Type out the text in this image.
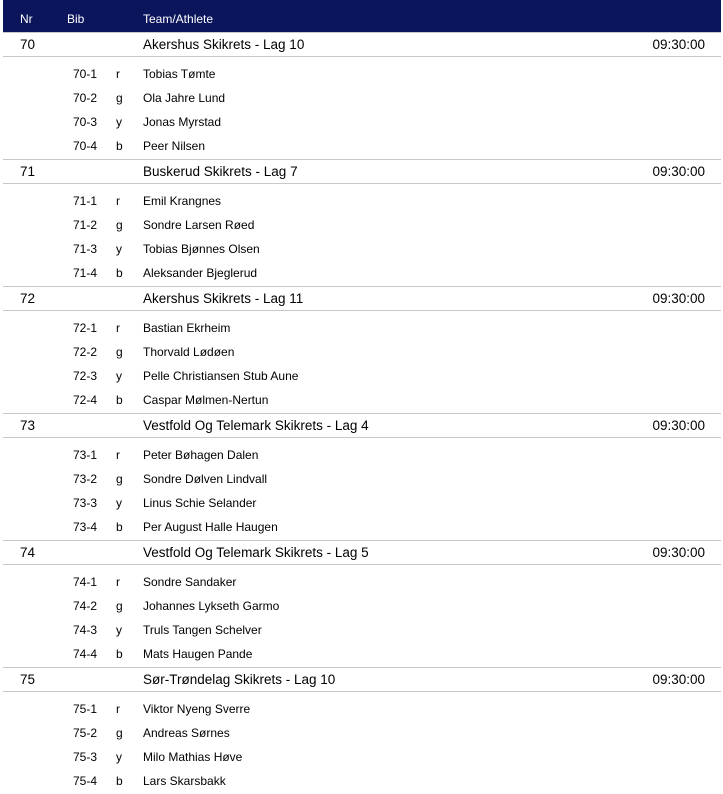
Nr	Bib	Team/Athlete
70	Akershus Skikrets - Lag 10	09:30:00
70-1 r Tobias Tømte
70-2 g Ola Jahre Lund
70-3 y Jonas Myrstad
70-4 b Peer Nilsen
71	Buskerud Skikrets - Lag 7	09:30:00
71-1 r Emil Krangnes
71-2 g Sondre Larsen Røed
71-3 y Tobias Bjønnes Olsen
71-4 b Aleksander Bjeglerud
72	Akershus Skikrets - Lag 11	09:30:00
72-1 r Bastian Ekrheim
72-2 g Thorvald Lødøen
72-3 y Pelle Christiansen Stub Aune
72-4 b Caspar Mølmen-Nertun
73	Vestfold Og Telemark Skikrets - Lag 4	09:30:00
73-1 r Peter Bøhagen Dalen
73-2 g Sondre Dølven Lindvall
73-3 y Linus Schie Selander
73-4 b Per August Halle Haugen
74	Vestfold Og Telemark Skikrets - Lag 5	09:30:00
74-1 r Sondre Sandaker
74-2 g Johannes Lykseth Garmo
74-3 y Truls Tangen Schelver
74-4 b Mats Haugen Pande
75	Sør-Trøndelag Skikrets - Lag 10	09:30:00
75-1 r Viktor Nyeng Sverre
75-2 g Andreas Sørnes
75-3 y Milo Mathias Høve
75-4 b Lars Skarsbakk
